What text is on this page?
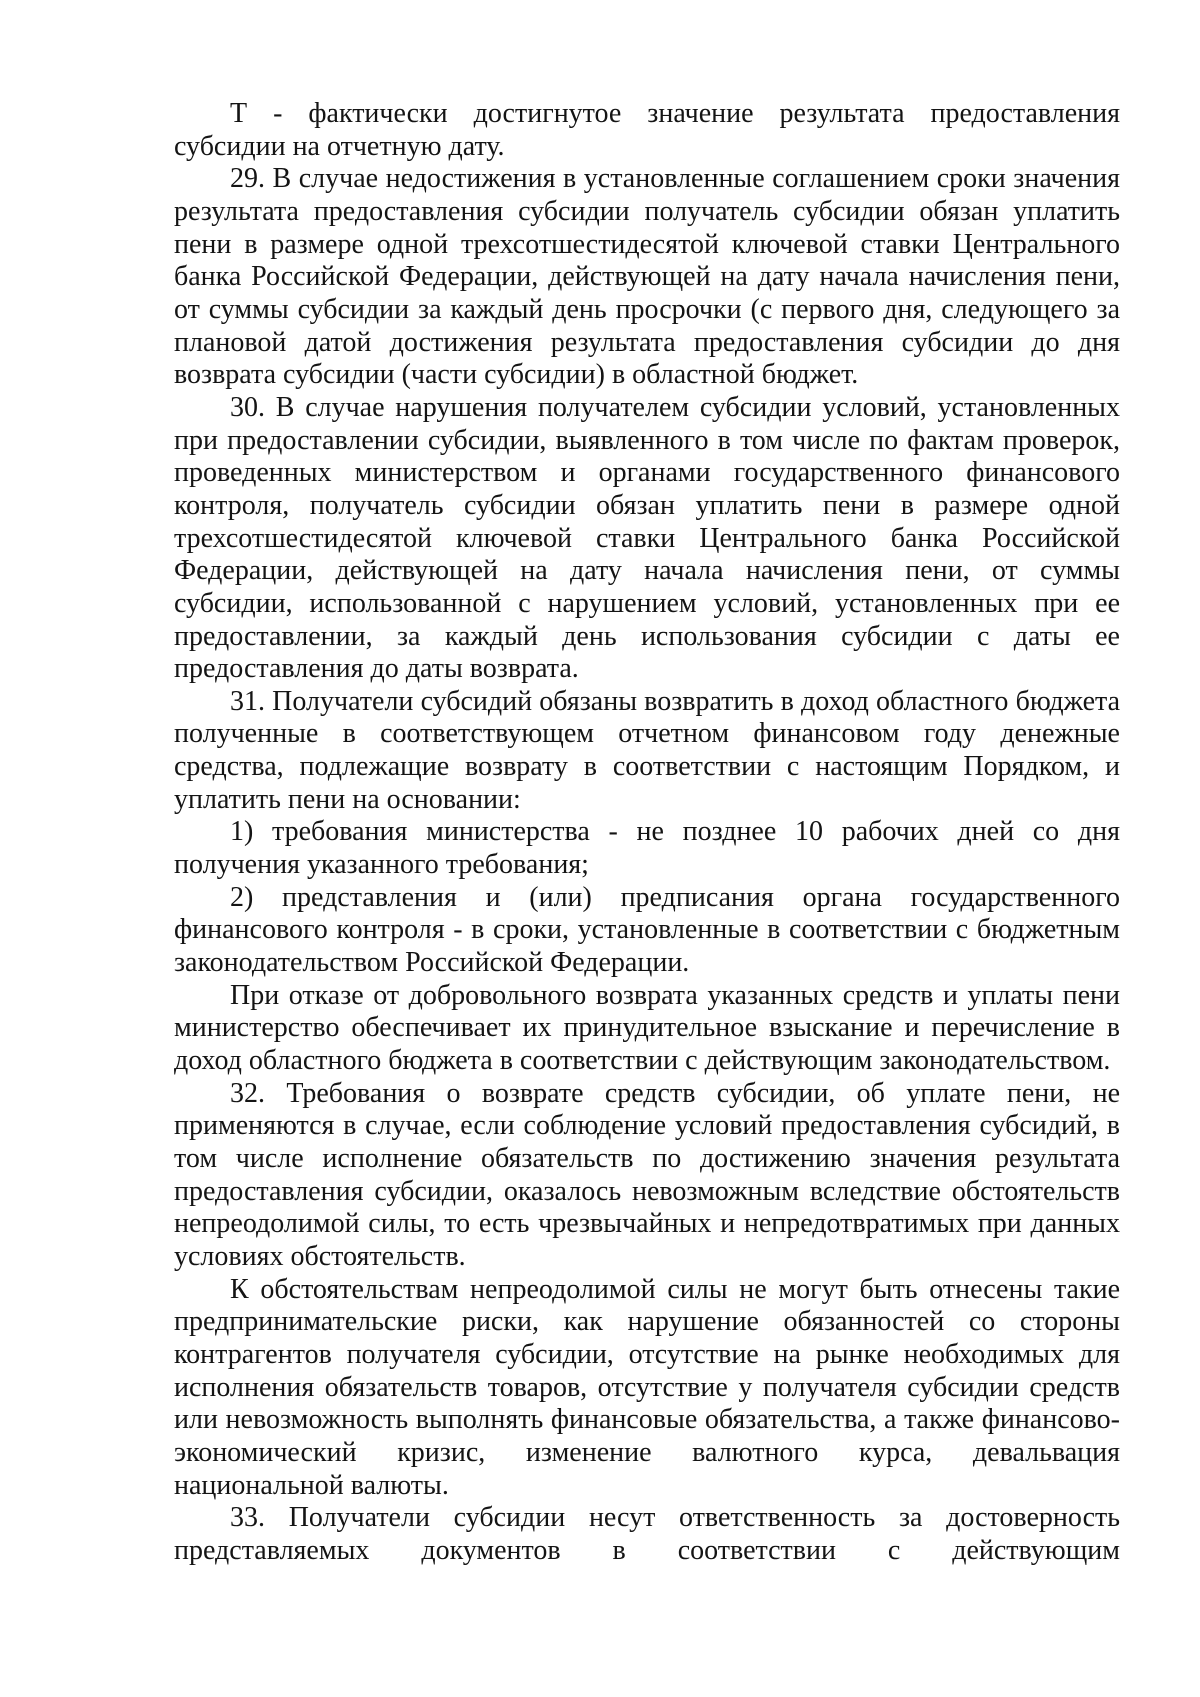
Т - фактически достигнутое значение результата предоставления субсидии на отчетную дату.

29. В случае недостижения в установленные соглашением сроки значения результата предоставления субсидии получатель субсидии обязан уплатить пени в размере одной трехсотшестидесятой ключевой ставки Центрального банка Российской Федерации, действующей на дату начала начисления пени, от суммы субсидии за каждый день просрочки (с первого дня, следующего за плановой датой достижения результата предоставления субсидии до дня возврата субсидии (части субсидии) в областной бюджет.

30. В случае нарушения получателем субсидии условий, установленных при предоставлении субсидии, выявленного в том числе по фактам проверок, проведенных министерством и органами государственного финансового контроля, получатель субсидии обязан уплатить пени в размере одной трехсотшестидесятой ключевой ставки Центрального банка Российской Федерации, действующей на дату начала начисления пени, от суммы субсидии, использованной с нарушением условий, установленных при ее предоставлении, за каждый день использования субсидии с даты ее предоставления до даты возврата.

31. Получатели субсидий обязаны возвратить в доход областного бюджета полученные в соответствующем отчетном финансовом году денежные средства, подлежащие возврату в соответствии с настоящим Порядком, и уплатить пени на основании:

1) требования министерства - не позднее 10 рабочих дней со дня получения указанного требования;

2) представления и (или) предписания органа государственного финансового контроля - в сроки, установленные в соответствии с бюджетным законодательством Российской Федерации.

При отказе от добровольного возврата указанных средств и уплаты пени министерство обеспечивает их принудительное взыскание и перечисление в доход областного бюджета в соответствии с действующим законодательством.

32. Требования о возврате средств субсидии, об уплате пени, не применяются в случае, если соблюдение условий предоставления субсидий, в том числе исполнение обязательств по достижению значения результата предоставления субсидии, оказалось невозможным вследствие обстоятельств непреодолимой силы, то есть чрезвычайных и непредотвратимых при данных условиях обстоятельств.

К обстоятельствам непреодолимой силы не могут быть отнесены такие предпринимательские риски, как нарушение обязанностей со стороны контрагентов получателя субсидии, отсутствие на рынке необходимых для исполнения обязательств товаров, отсутствие у получателя субсидии средств или невозможность выполнять финансовые обязательства, а также финансово-экономический кризис, изменение валютного курса, девальвация национальной валюты.

33. Получатели субсидии несут ответственность за достоверность представляемых документов в соответствии с действующим
